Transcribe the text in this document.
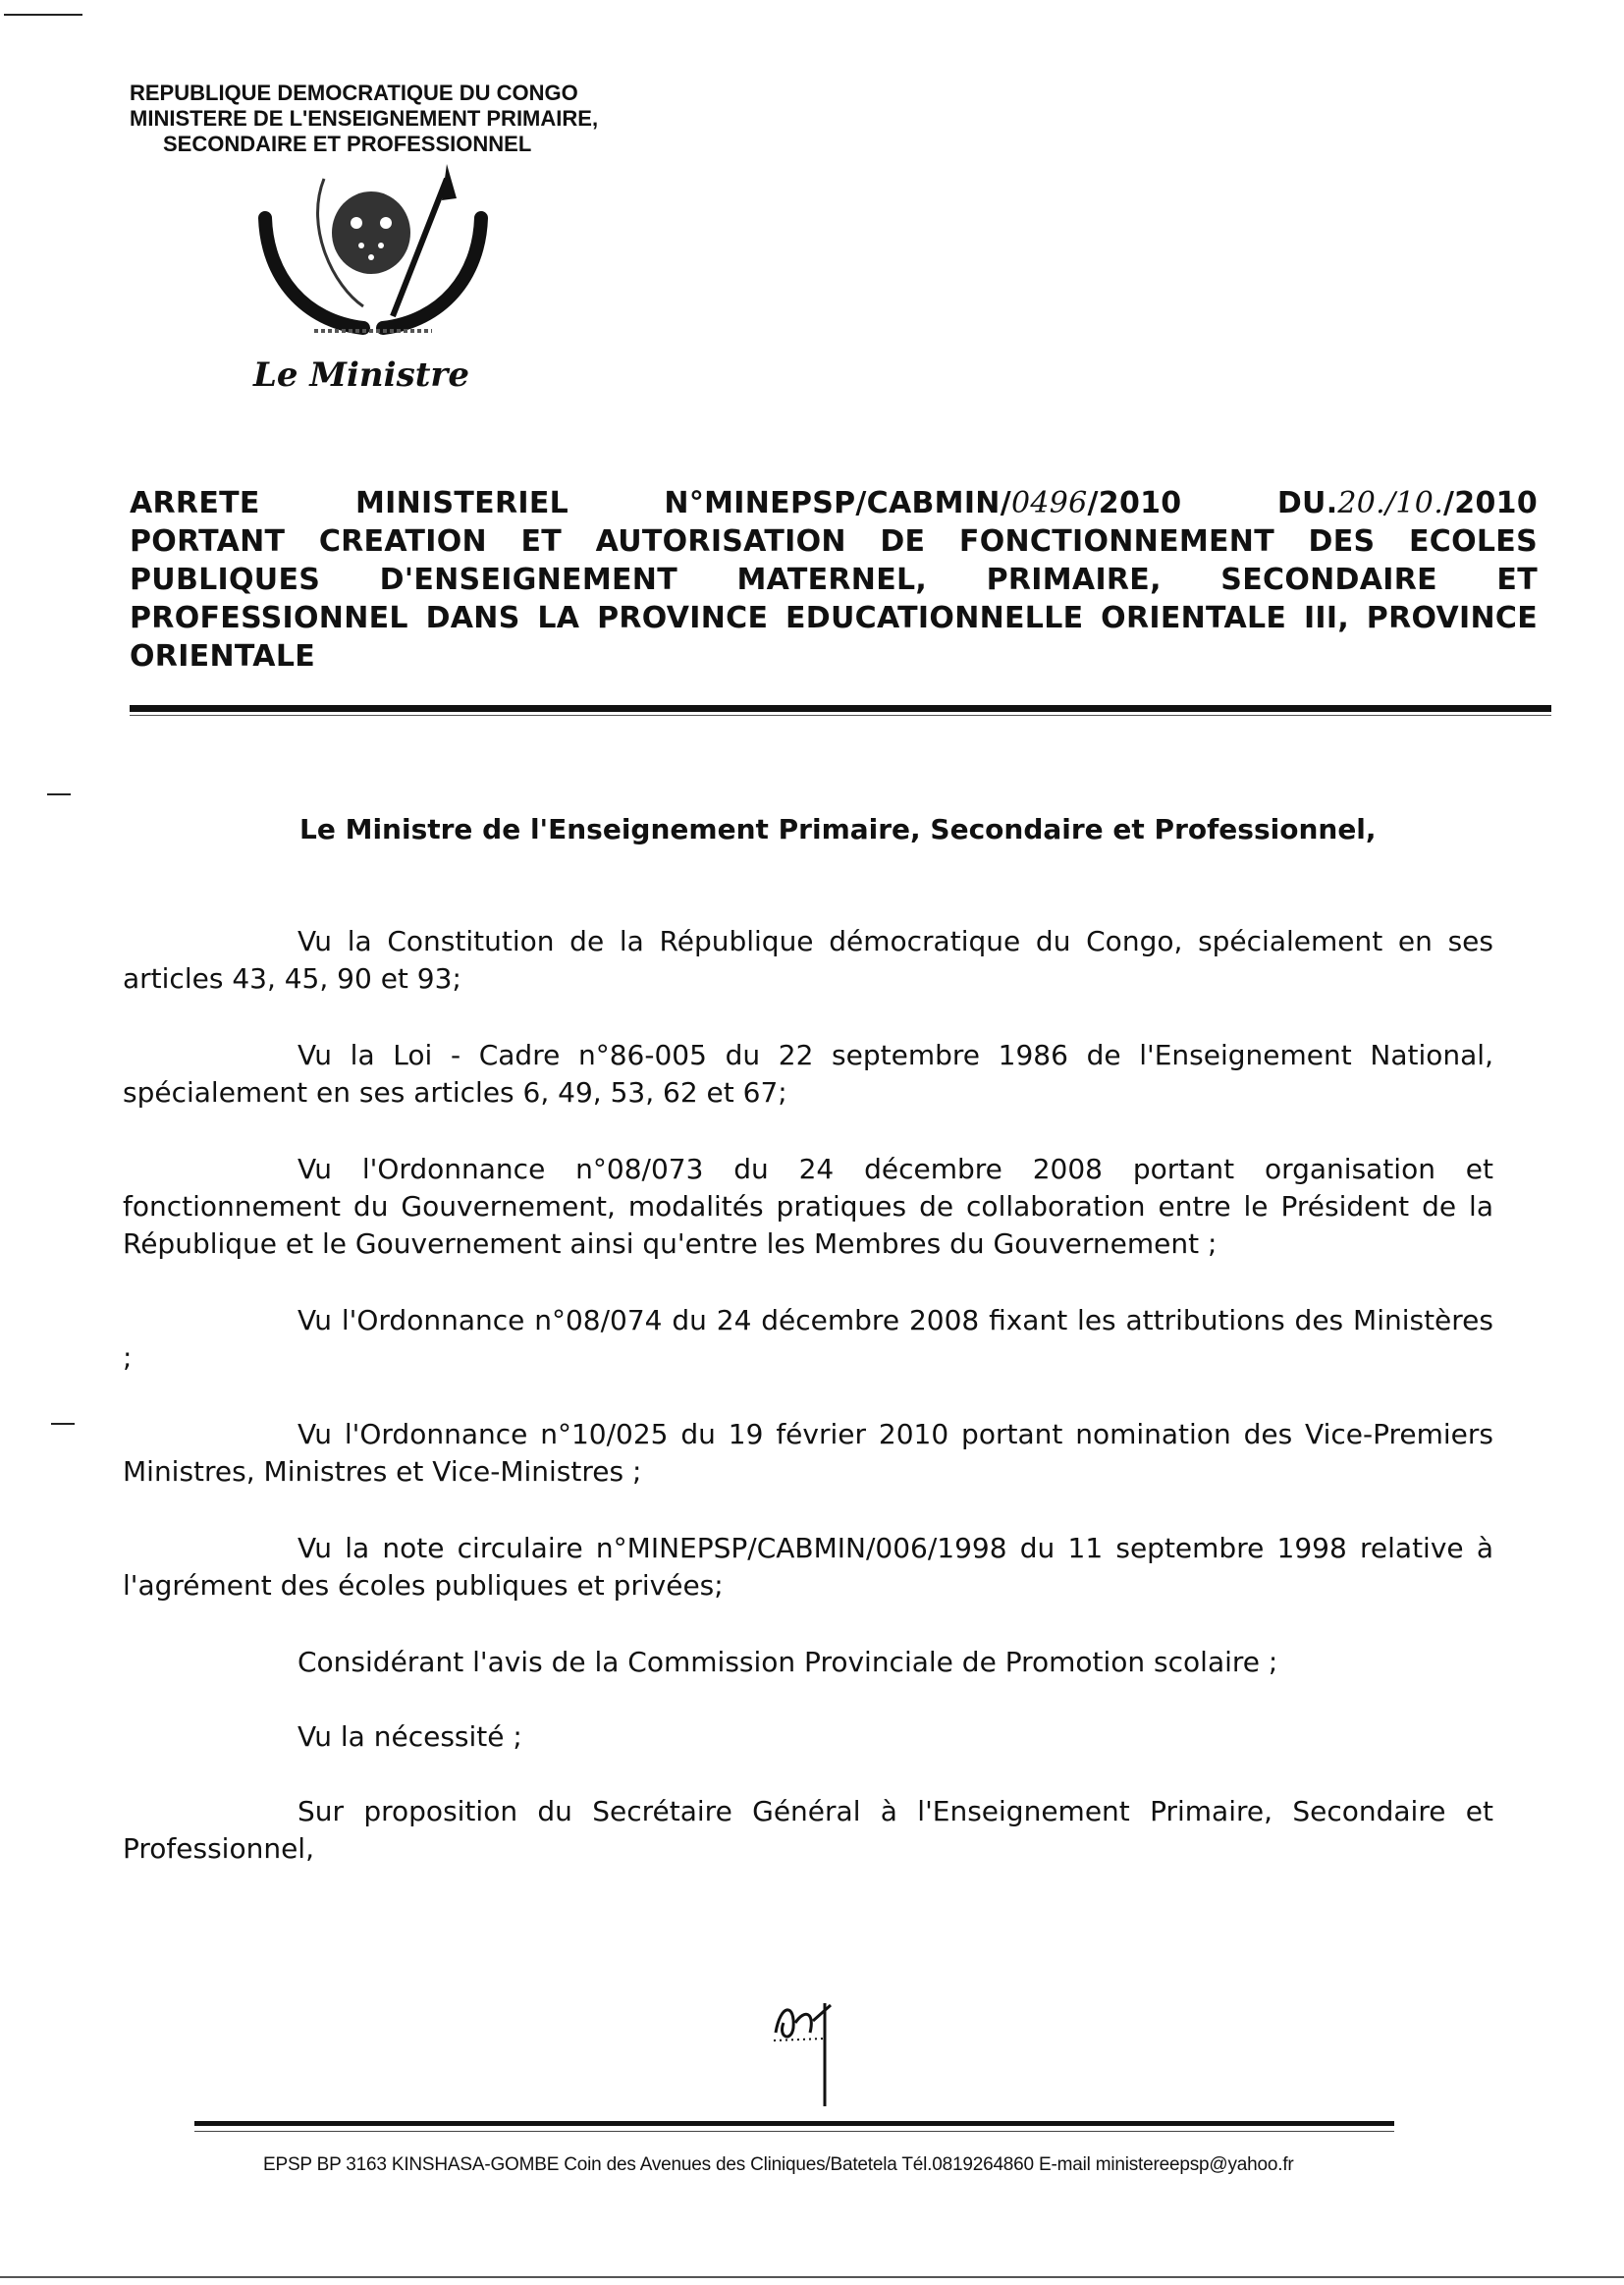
REPUBLIQUE DEMOCRATIQUE DU CONGO
MINISTERE DE L'ENSEIGNEMENT PRIMAIRE,
SECONDAIRE ET PROFESSIONNEL
Le Ministre
ARRETE	MINISTERIEL	N°MINEPSP/CABMIN/0496/2010	DU.20./10./2010
PORTANT CREATION ET AUTORISATION DE FONCTIONNEMENT DES ECOLES PUBLIQUES D'ENSEIGNEMENT MATERNEL, PRIMAIRE, SECONDAIRE ET PROFESSIONNEL DANS LA PROVINCE EDUCATIONNELLE ORIENTALE III, PROVINCE ORIENTALE
Le Ministre de l'Enseignement Primaire, Secondaire et Professionnel,

Vu la Constitution de la République démocratique du Congo, spécialement en ses articles 43, 45, 90 et 93;

Vu la Loi - Cadre n°86-005 du 22 septembre 1986 de l'Enseignement National, spécialement en ses articles 6, 49, 53, 62 et 67;

Vu l'Ordonnance n°08/073 du 24 décembre 2008 portant organisation et fonctionnement du Gouvernement, modalités pratiques de collaboration entre le Président de la République et le Gouvernement ainsi qu'entre les Membres du Gouvernement ;

Vu l'Ordonnance n°08/074 du 24 décembre 2008 fixant les attributions des Ministères ;

Vu l'Ordonnance n°10/025 du 19 février 2010 portant nomination des Vice-Premiers Ministres, Ministres et Vice-Ministres ;

Vu la note circulaire n°MINEPSP/CABMIN/006/1998 du 11 septembre 1998 relative à l'agrément des écoles publiques et privées;

Considérant l'avis de la Commission Provinciale de Promotion scolaire ;

Vu la nécessité ;

Sur proposition du Secrétaire Général à l'Enseignement Primaire, Secondaire et Professionnel,

EPSP BP 3163 KINSHASA-GOMBE Coin des Avenues des Cliniques/Batetela Tél.0819264860 E-mail ministereepsp@yahoo.fr
